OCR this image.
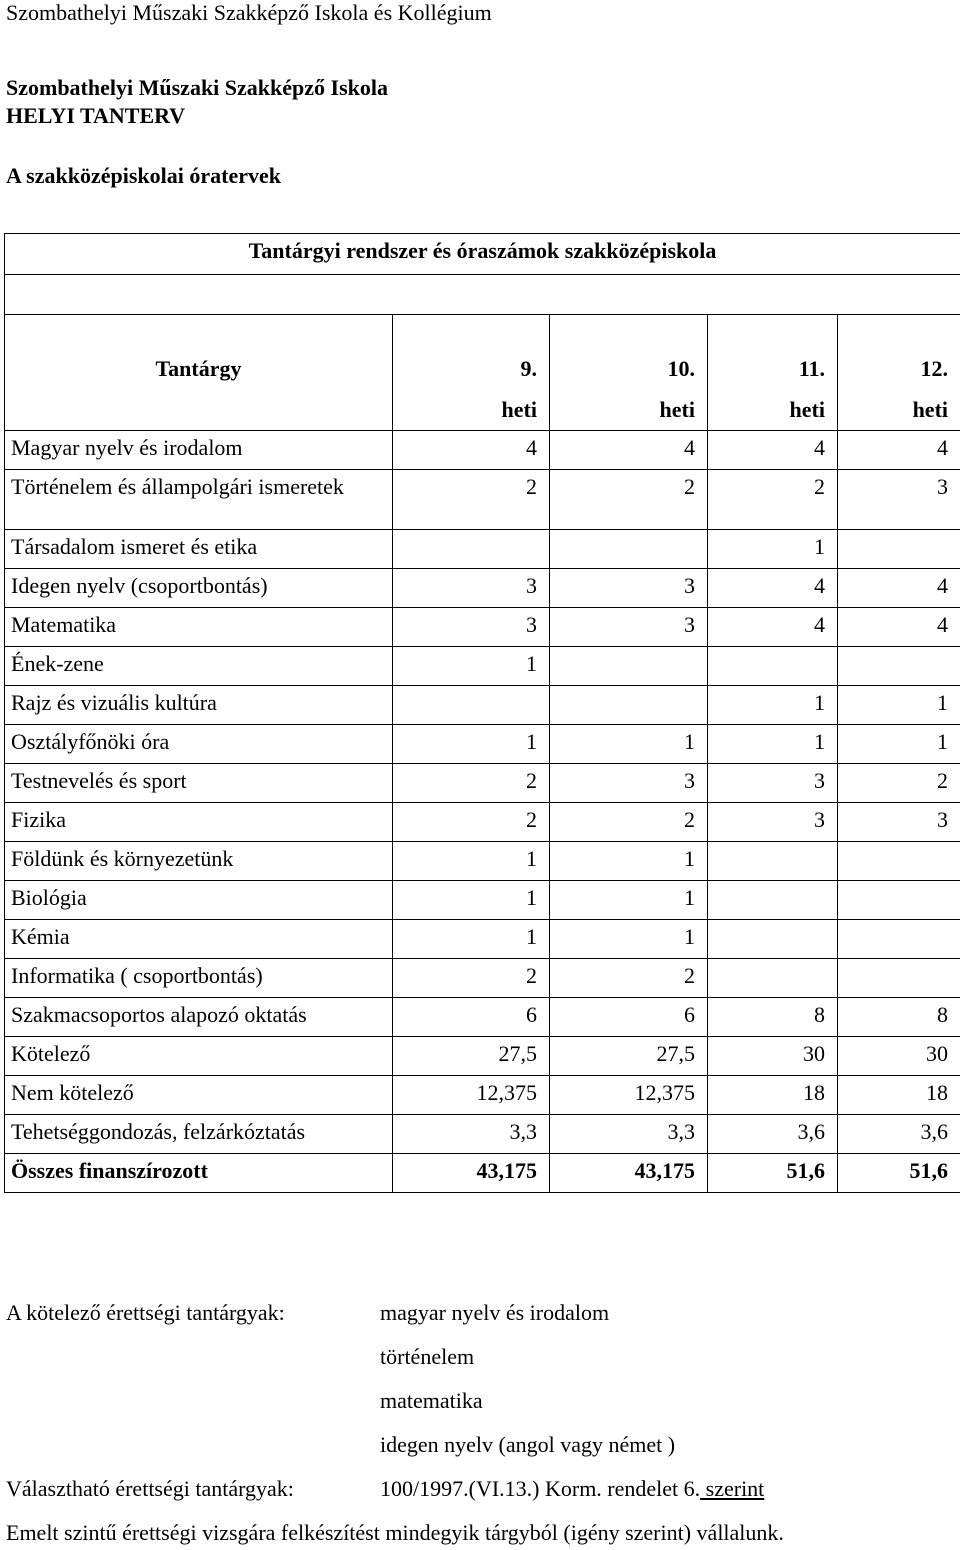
Szombathelyi Műszaki Szakképző Iskola és Kollégium
Szombathelyi Műszaki Szakképző Iskola
HELYI TANTERV
A szakközépiskolai óratervek
Tantárgyi rendszer és óraszámok szakközépiskola				

Tantárgy	9.	10.	11.	12.

	heti	heti	heti	heti
Magyar nyelv és irodalom	4	4	4	4
Történelem és állampolgári ismeretek	2	2	2	3
Társadalom ismeret és etika			1	
Idegen nyelv (csoportbontás)	3	3	4	4
Matematika	3	3	4	4
Ének-zene	1			
Rajz és vizuális kultúra			1	1
Osztályfőnöki óra	1	1	1	1
Testnevelés és sport	2	3	3	2
Fizika	2	2	3	3
Földünk és környezetünk	1	1		
Biológia	1	1		
Kémia	1	1		
Informatika ( csoportbontás)	2	2		
Szakmacsoportos alapozó oktatás	6	6	8	8
Kötelező	27,5	27,5	30	30
Nem kötelező	12,375	12,375	18	18
Tehetséggondozás, felzárkóztatás	3,3	3,3	3,6	3,6
Összes finanszírozott	43,175	43,175	51,6	51,6
A kötelező érettségi tantárgyak:	magyar nyelv és irodalom
történelem
matematika
idegen nyelv (angol vagy német )
Választható érettségi tantárgyak:	100/1997.(VI.13.) Korm. rendelet 6. szerint
Emelt szintű érettségi vizsgára felkészítést mindegyik tárgyból (igény szerint) vállalunk.
